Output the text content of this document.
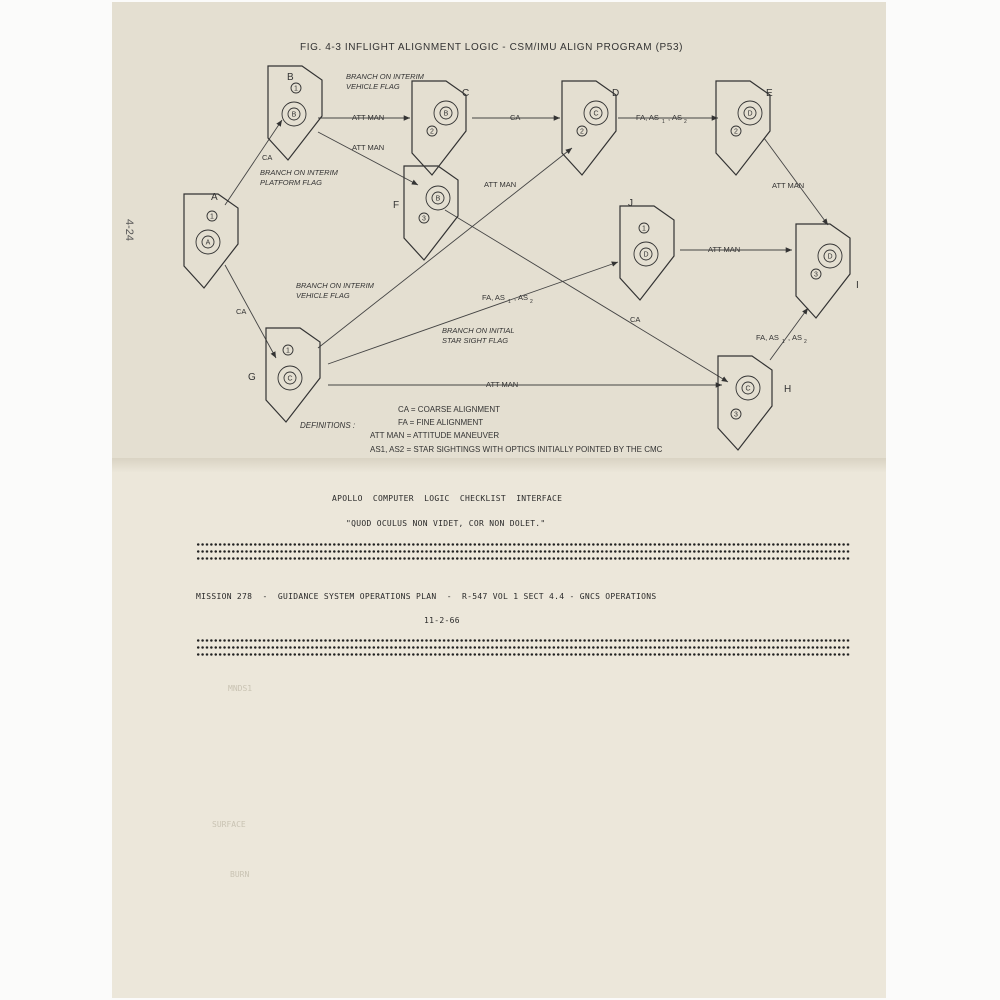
4-24
MNDS1
SURFACE
BURN
FIG. 4-3 INFLIGHT ALIGNMENT LOGIC - CSM/IMU ALIGN PROGRAM (P53)
1
A
A
1
B
B
2
B
C
2
C
D
2
D
E
3
B
F
1
C
G
3
C	H
3
D
I
1
D
J
BRANCH ON INTERIM
VEHICLE FLAG
BRANCH ON INTERIM
PLATFORM FLAG
BRANCH ON INTERIM
VEHICLE FLAG
BRANCH ON INITIAL
STAR SIGHT FLAG
CA
CA
ATT MAN
ATT MAN
CA
ATT MAN	ATT MAN
ATT MAN
CA
ATT MAN
FA, AS 1 , AS 2
FA, AS 1 , AS 2
FA, AS 1 , AS 2
DEFINITIONS :
CA = COARSE ALIGNMENT
FA = FINE ALIGNMENT
ATT MAN = ATTITUDE MANEUVER
AS1, AS2 = STAR SIGHTINGS WITH OPTICS INITIALLY POINTED BY THE CMC
APOLLO  COMPUTER  LOGIC  CHECKLIST  INTERFACE
"QUOD OCULUS NON VIDET, COR NON DOLET."
MISSION 278  -  GUIDANCE SYSTEM OPERATIONS PLAN  -  R-547 VOL 1 SECT 4.4 - GNCS OPERATIONS
11-2-66
